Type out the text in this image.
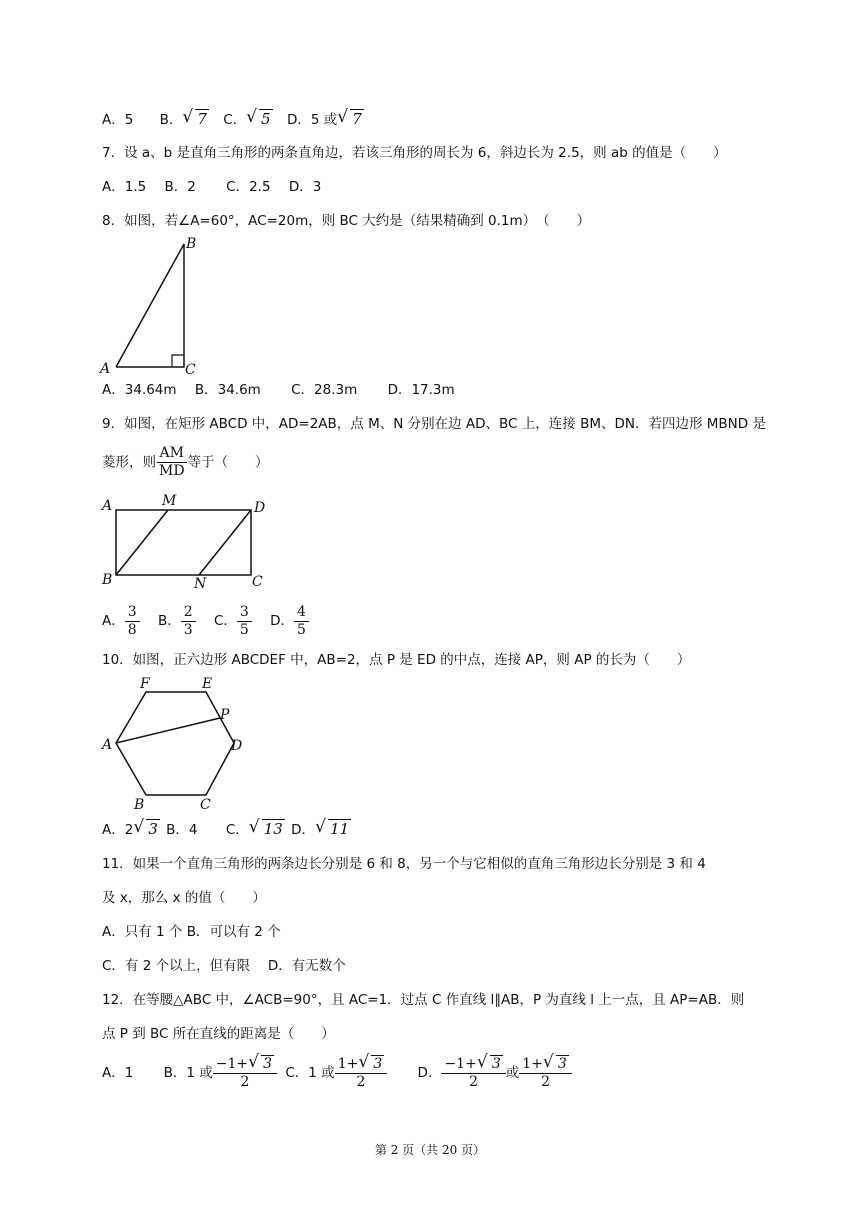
A．5 B． √ 7 C． √ 5 D．5 或 √ 7
7．设 a、b 是直角三角形的两条直角边，若该三角形的周长为 6，斜边长为 2.5，则 ab 的值是（　　）
A．1.5 B．2 C．2.5 D．3
8．如图，若∠A=60°，AC=20m，则 BC 大约是（结果精确到 0.1m）　（　　）
B
A	C
A．34.64m B．34.6m C．28.3m D．17.3m
9．如图，在矩形 ABCD 中，AD=2AB，点 M、N 分别在边 AD、BC 上，连接 BM、DN．若四边形 MBND 是
菱形，则 $\frac{AM}{MD}$ 等于（　　）
A	M	D
B	N	C
A． $\frac{3}{8}$ B． $\frac{2}{3}$ C． $\frac{3}{5}$ D． $\frac{4}{5}$
10．如图，正六边形 ABCDEF 中，AB=2，点 P 是 ED 的中点，连接 AP，则 AP 的长为（　　）
F	E
P
A	D
B	C
A．2 √ 3 B．4 C． √ 13 D． √ 11
11．如果一个直角三角形的两条边长分别是 6 和 8，另一个与它相似的直角三角形边长分别是 3 和 4
及 x，那么 x 的值（　　）
A．只有 1 个 B．可以有 2 个
C．有 2 个以上，但有限　 D．有无数个
12．在等腰△ABC 中，∠ACB=90°，且 AC=1．过点 C 作直线 l∥AB，P 为直线 l 上一点，且 AP=AB．则
点 P 到 BC 所在直线的距离是（　　）
A．1 B．1 或 $\frac{-1+ √ 3}{2}$ C．1 或 $\frac{1+ √ 3}{2}$ D． $\frac{-1+ √ 3}{2}$ 或 $\frac{1+ √ 3}{2}$
第 2 页（共 20 页）
